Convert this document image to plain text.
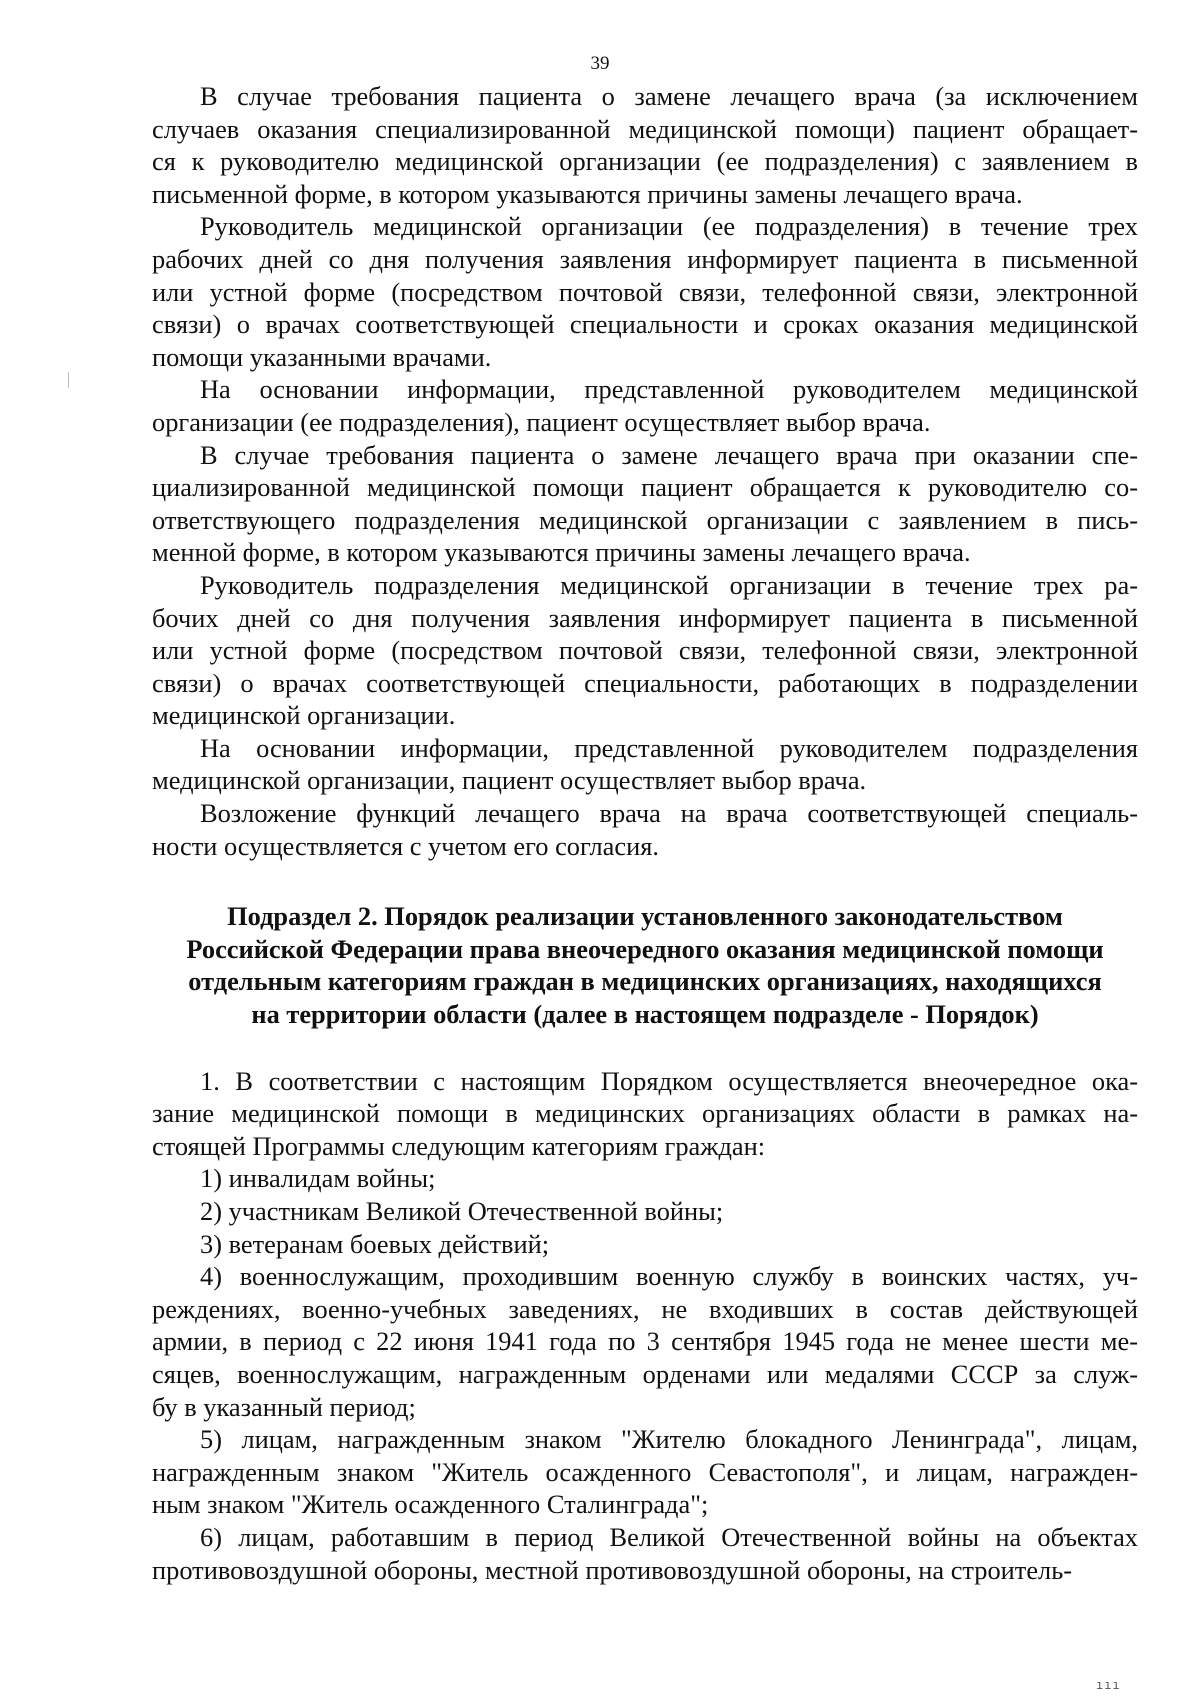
39
В случае требования пациента о замене лечащего врача (за исключением
случаев оказания специализированной медицинской помощи) пациент обращает-
ся к руководителю медицинской организации (ее подразделения) с заявлением в
письменной форме, в котором указываются причины замены лечащего врача.
Руководитель медицинской организации (ее подразделения) в течение трех
рабочих дней со дня получения заявления информирует пациента в письменной
или устной форме (посредством почтовой связи, телефонной связи, электронной
связи) о врачах соответствующей специальности и сроках оказания медицинской
помощи указанными врачами.
На основании информации, представленной руководителем медицинской
организации (ее подразделения), пациент осуществляет выбор врача.
В случае требования пациента о замене лечащего врача при оказании спе-
циализированной медицинской помощи пациент обращается к руководителю со-
ответствующего подразделения медицинской организации с заявлением в пись-
менной форме, в котором указываются причины замены лечащего врача.
Руководитель подразделения медицинской организации в течение трех ра-
бочих дней со дня получения заявления информирует пациента в письменной
или устной форме (посредством почтовой связи, телефонной связи, электронной
связи) о врачах соответствующей специальности, работающих в подразделении
медицинской организации.
На основании информации, представленной руководителем подразделения
медицинской организации, пациент осуществляет выбор врача.
Возложение функций лечащего врача на врача соответствующей специаль-
ности осуществляется с учетом его согласия.
Подраздел 2. Порядок реализации установленного законодательством
Российской Федерации права внеочередного оказания медицинской помощи
отдельным категориям граждан в медицинских организациях, находящихся
на территории области (далее в настоящем подразделе - Порядок)
1. В соответствии с настоящим Порядком осуществляется внеочередное ока-
зание медицинской помощи в медицинских организациях области в рамках на-
стоящей Программы следующим категориям граждан:
1) инвалидам войны;
2) участникам Великой Отечественной войны;
3) ветеранам боевых действий;
4) военнослужащим, проходившим военную службу в воинских частях, уч-
реждениях, военно-учебных заведениях, не входивших в состав действующей
армии, в период с 22 июня 1941 года по 3 сентября 1945 года не менее шести ме-
сяцев, военнослужащим, награжденным орденами или медалями СССР за служ-
бу в указанный период;
5) лицам, награжденным знаком "Жителю блокадного Ленинграда", лицам,
награжденным знаком "Житель осажденного Севастополя", и лицам, награжден-
ным знаком "Житель осажденного Сталинграда";
6) лицам, работавшим в период Великой Отечественной войны на объектах
противовоздушной обороны, местной противовоздушной обороны, на строитель-
ııı
